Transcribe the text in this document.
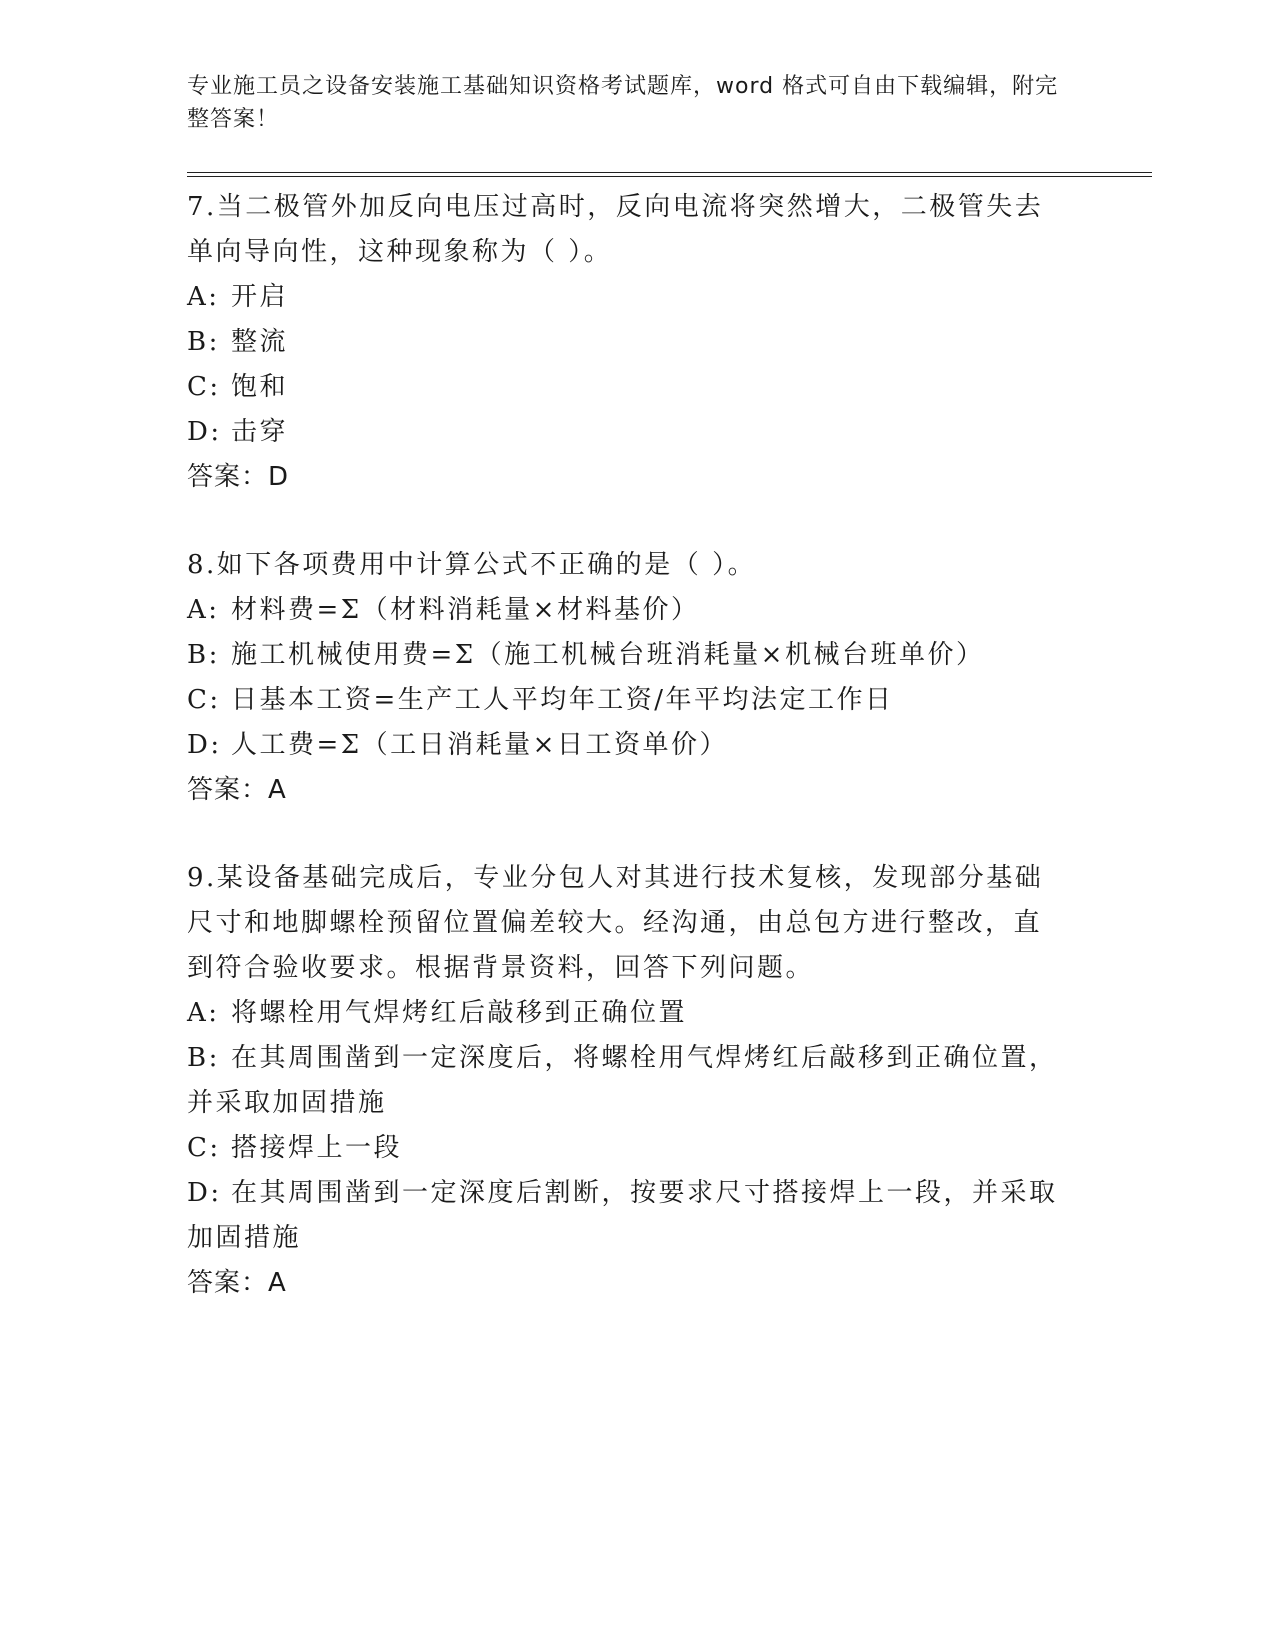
专业施工员之设备安装施工基础知识资格考试题库，word 格式可自由下载编辑，附完整答案！
7.当二极管外加反向电压过高时，反向电流将突然增大，二极管失去单向导向性，这种现象称为（ ）。
A: 开启
B: 整流
C: 饱和
D: 击穿
答案：D
8.如下各项费用中计算公式不正确的是（ ）。
A: 材料费=Σ（材料消耗量×材料基价）
B: 施工机械使用费=Σ（施工机械台班消耗量×机械台班单价）
C: 日基本工资=生产工人平均年工资/年平均法定工作日
D: 人工费=Σ（工日消耗量×日工资单价）
答案：A
9.某设备基础完成后，专业分包人对其进行技术复核，发现部分基础尺寸和地脚螺栓预留位置偏差较大。经沟通，由总包方进行整改，直到符合验收要求。根据背景资料，回答下列问题。
A: 将螺栓用气焊烤红后敲移到正确位置
B: 在其周围凿到一定深度后，将螺栓用气焊烤红后敲移到正确位置，并采取加固措施
C: 搭接焊上一段
D: 在其周围凿到一定深度后割断，按要求尺寸搭接焊上一段，并采取加固措施
答案：A
